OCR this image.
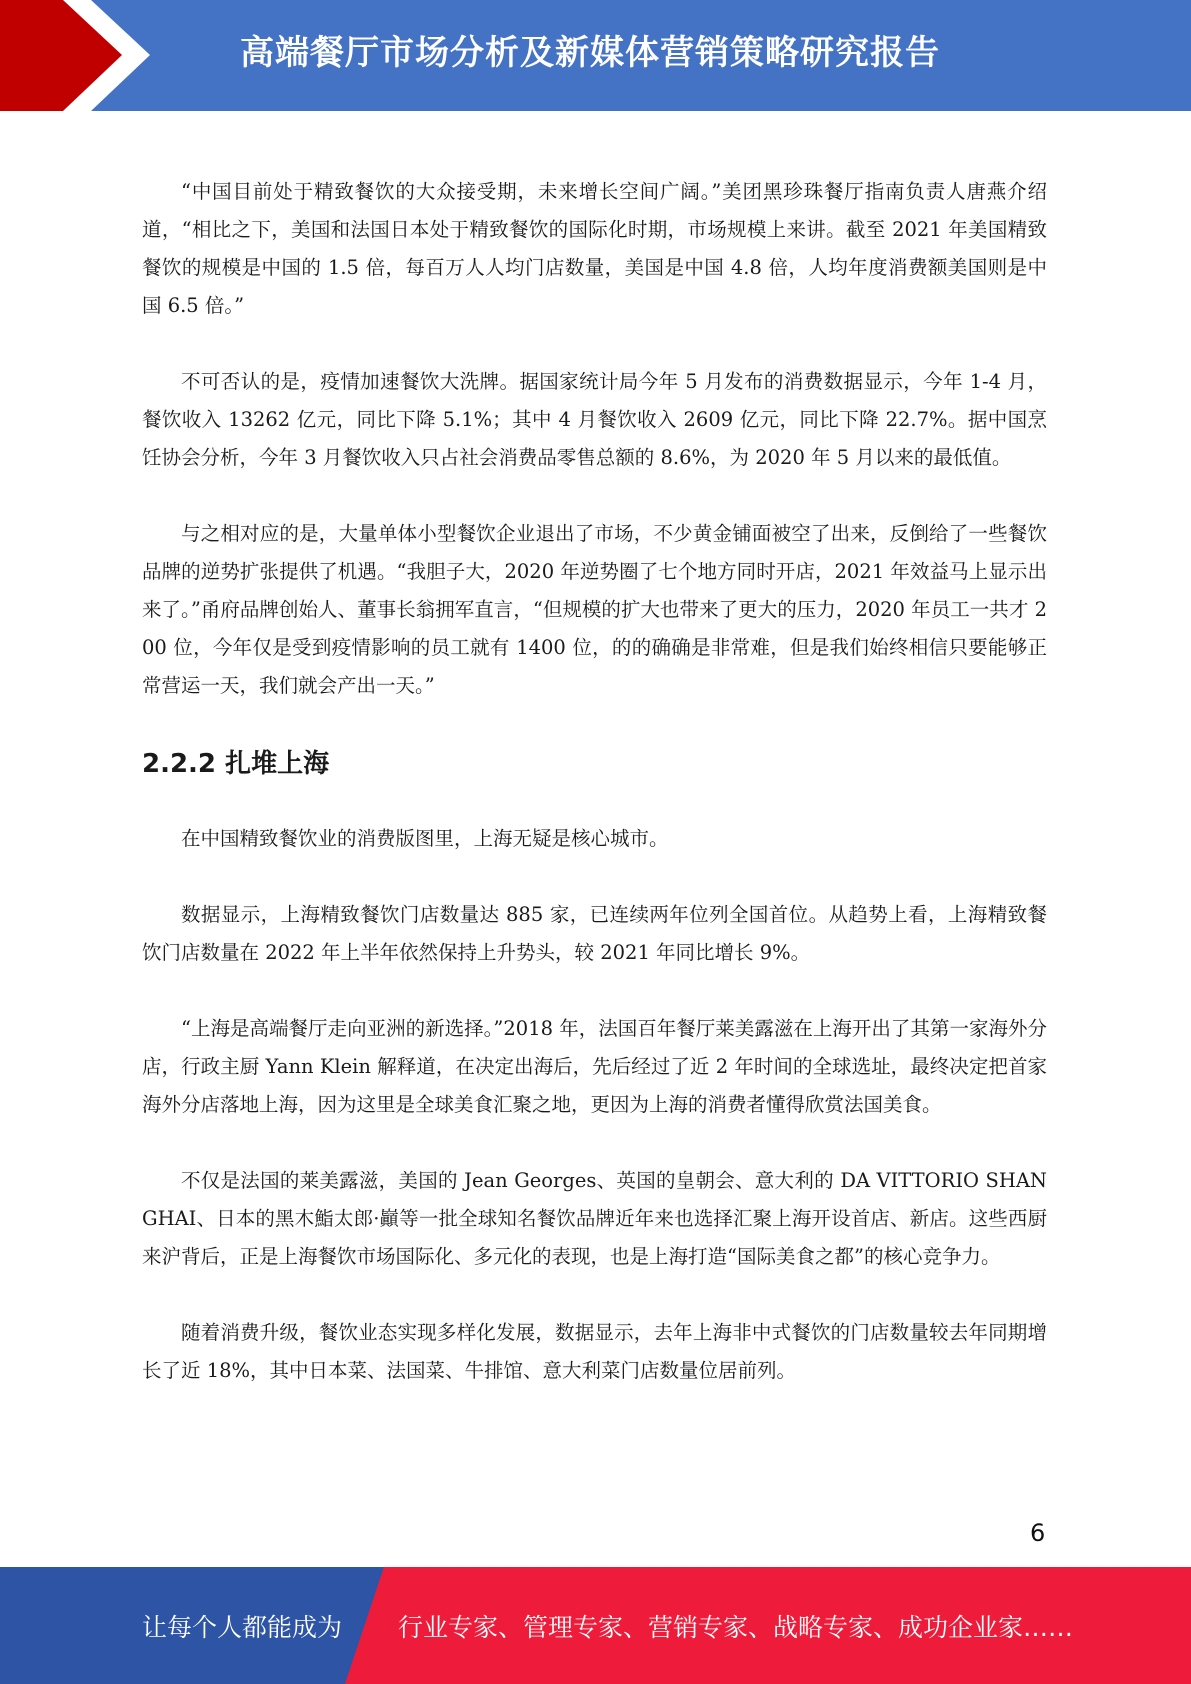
高端餐厅市场分析及新媒体营销策略研究报告

“中国目前处于精致餐饮的大众接受期，未来增长空间广阔。”美团黑珍珠餐厅指南负责人唐燕介绍道，“相比之下，美国和法国日本处于精致餐饮的国际化时期，市场规模上来讲。截至 2021 年美国精致餐饮的规模是中国的 1.5 倍，每百万人人均门店数量，美国是中国 4.8 倍，人均年度消费额美国则是中国 6.5 倍。”

不可否认的是，疫情加速餐饮大洗牌。据国家统计局今年 5 月发布的消费数据显示，今年 1-4 月，餐饮收入 13262 亿元，同比下降 5.1%；其中 4 月餐饮收入 2609 亿元，同比下降 22.7%。据中国烹饪协会分析，今年 3 月餐饮收入只占社会消费品零售总额的 8.6%，为 2020 年 5 月以来的最低值。

与之相对应的是，大量单体小型餐饮企业退出了市场，不少黄金铺面被空了出来，反倒给了一些餐饮品牌的逆势扩张提供了机遇。“我胆子大，2020 年逆势圈了七个地方同时开店，2021 年效益马上显示出来了。”甬府品牌创始人、董事长翁拥军直言，“但规模的扩大也带来了更大的压力，2020 年员工一共才 200 位，今年仅是受到疫情影响的员工就有 1400 位，的的确确是非常难，但是我们始终相信只要能够正常营运一天，我们就会产出一天。”

2.2.2 扎堆上海

在中国精致餐饮业的消费版图里，上海无疑是核心城市。

数据显示，上海精致餐饮门店数量达 885 家，已连续两年位列全国首位。从趋势上看，上海精致餐饮门店数量在 2022 年上半年依然保持上升势头，较 2021 年同比增长 9%。

“上海是高端餐厅走向亚洲的新选择。”2018 年，法国百年餐厅莱美露滋在上海开出了其第一家海外分店，行政主厨 Yann Klein 解释道，在决定出海后，先后经过了近 2 年时间的全球选址，最终决定把首家海外分店落地上海，因为这里是全球美食汇聚之地，更因为上海的消费者懂得欣赏法国美食。

不仅是法国的莱美露滋，美国的 Jean Georges、英国的皇朝会、意大利的 DA VITTORIO SHANGHAI、日本的黑木鮨太郎·巓等一批全球知名餐饮品牌近年来也选择汇聚上海开设首店、新店。这些西厨来沪背后，正是上海餐饮市场国际化、多元化的表现，也是上海打造“国际美食之都”的核心竞争力。

随着消费升级，餐饮业态实现多样化发展，数据显示，去年上海非中式餐饮的门店数量较去年同期增长了近 18%，其中日本菜、法国菜、牛排馆、意大利菜门店数量位居前列。

6
让每个人都能成为 行业专家、管理专家、营销专家、战略专家、成功企业家……
